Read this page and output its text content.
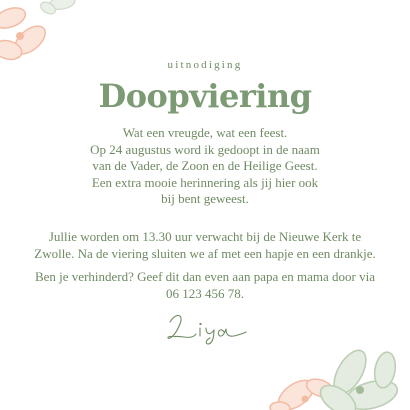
uitnodiging
Doopviering
Wat een vreugde, wat een feest.
Op 24 augustus word ik gedoopt in de naam
van de Vader, de Zoon en de Heilige Geest.
Een extra mooie herinnering als jij hier ook
bij bent geweest.
Jullie worden om 13.30 uur verwacht bij de Nieuwe Kerk te
Zwolle. Na de viering sluiten we af met een hapje en een drankje.
Ben je verhinderd? Geef dit dan even aan papa en mama door via
06 123 456 78.
